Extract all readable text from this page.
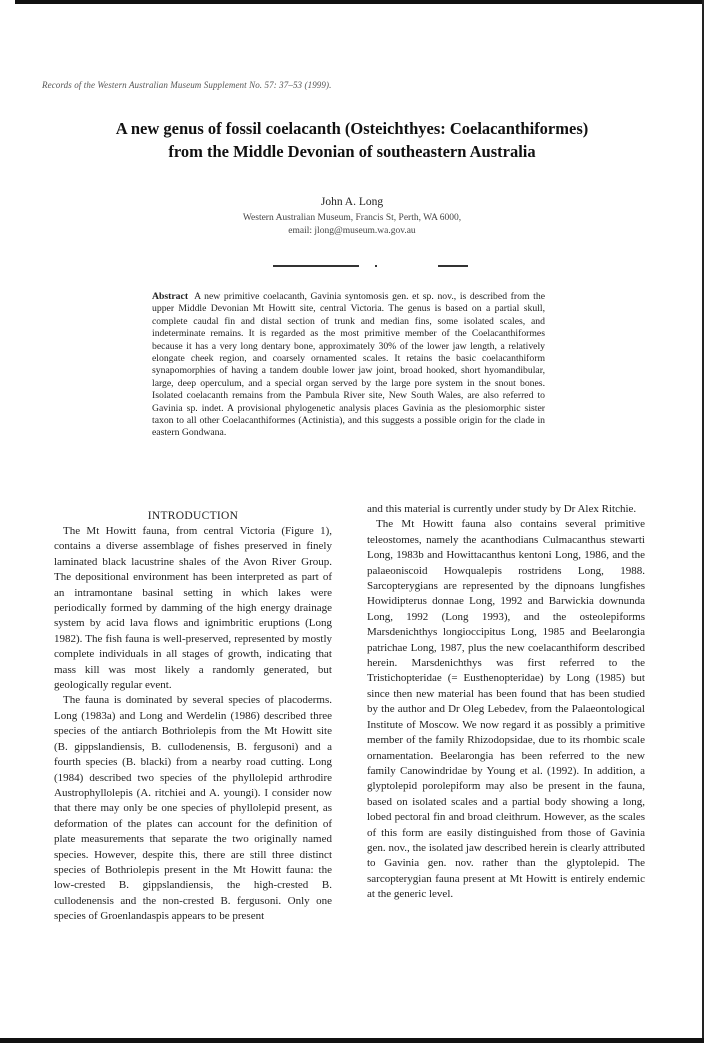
Records of the Western Australian Museum Supplement No. 57: 37–53 (1999).
A new genus of fossil coelacanth (Osteichthyes: Coelacanthiformes)
from the Middle Devonian of southeastern Australia
John A. Long
Western Australian Museum, Francis St, Perth, WA 6000,
email: jlong@museum.wa.gov.au
Abstract A new primitive coelacanth, Gavinia syntomosis gen. et sp. nov., is described from the upper Middle Devonian Mt Howitt site, central Victoria. The genus is based on a partial skull, complete caudal fin and distal section of trunk and median fins, some isolated scales, and indeterminate remains. It is regarded as the most primitive member of the Coelacanthiformes because it has a very long dentary bone, approximately 30% of the lower jaw length, a relatively elongate cheek region, and coarsely ornamented scales. It retains the basic coelacanthiform synapomorphies of having a tandem double lower jaw joint, broad hooked, short hyomandibular, large, deep operculum, and a special organ served by the large pore system in the snout bones. Isolated coelacanth remains from the Pambula River site, New South Wales, are also referred to Gavinia sp. indet. A provisional phylogenetic analysis places Gavinia as the plesiomorphic sister taxon to all other Coelacanthiformes (Actinistia), and this suggests a possible origin for the clade in eastern Gondwana.
INTRODUCTION

The Mt Howitt fauna, from central Victoria (Figure 1), contains a diverse assemblage of fishes preserved in finely laminated black lacustrine shales of the Avon River Group. The depositional environment has been interpreted as part of an intramontane basinal setting in which lakes were periodically formed by damming of the high energy drainage system by acid lava flows and ignimbritic eruptions (Long 1982). The fish fauna is well-preserved, represented by mostly complete individuals in all stages of growth, indicating that mass kill was most likely a randomly generated, but geologically regular event.

The fauna is dominated by several species of placoderms. Long (1983a) and Long and Werdelin (1986) described three species of the antiarch Bothriolepis from the Mt Howitt site (B. gippslandiensis, B. cullodenensis, B. fergusoni) and a fourth species (B. blacki) from a nearby road cutting. Long (1984) described two species of the phyllolepid arthrodire Austrophyllolepis (A. ritchiei and A. youngi). I consider now that there may only be one species of phyllolepid present, as deformation of the plates can account for the definition of plate measurements that separate the two originally named species. However, despite this, there are still three distinct species of Bothriolepis present in the Mt Howitt fauna: the low-crested B. gippslandiensis, the high-crested B. cullodenensis and the non-crested B. fergusoni. Only one species of Groenlandaspis appears to be present

and this material is currently under study by Dr Alex Ritchie.

The Mt Howitt fauna also contains several primitive teleostomes, namely the acanthodians Culmacanthus stewarti Long, 1983b and Howittacanthus kentoni Long, 1986, and the palaeoniscoid Howqualepis rostridens Long, 1988. Sarcopterygians are represented by the dipnoans lungfishes Howidipterus donnae Long, 1992 and Barwickia downunda Long, 1992 (Long 1993), and the osteolepiforms Marsdenichthys longioccipitus Long, 1985 and Beelarongia patrichae Long, 1987, plus the new coelacanthiform described herein. Marsdenichthys was first referred to the Tristichopteridae (= Eusthenopteridae) by Long (1985) but since then new material has been found that has been studied by the author and Dr Oleg Lebedev, from the Palaeontological Institute of Moscow. We now regard it as possibly a primitive member of the family Rhizodopsidae, due to its rhombic scale ornamentation. Beelarongia has been referred to the new family Canowindridae by Young et al. (1992). In addition, a glyptolepid porolepiform may also be present in the fauna, based on isolated scales and a partial body showing a long, lobed pectoral fin and broad cleithrum. However, as the scales of this form are easily distinguished from those of Gavinia gen. nov., the isolated jaw described herein is clearly attributed to Gavinia gen. nov. rather than the glyptolepid. The sarcopterygian fauna present at Mt Howitt is entirely endemic at the generic level.
